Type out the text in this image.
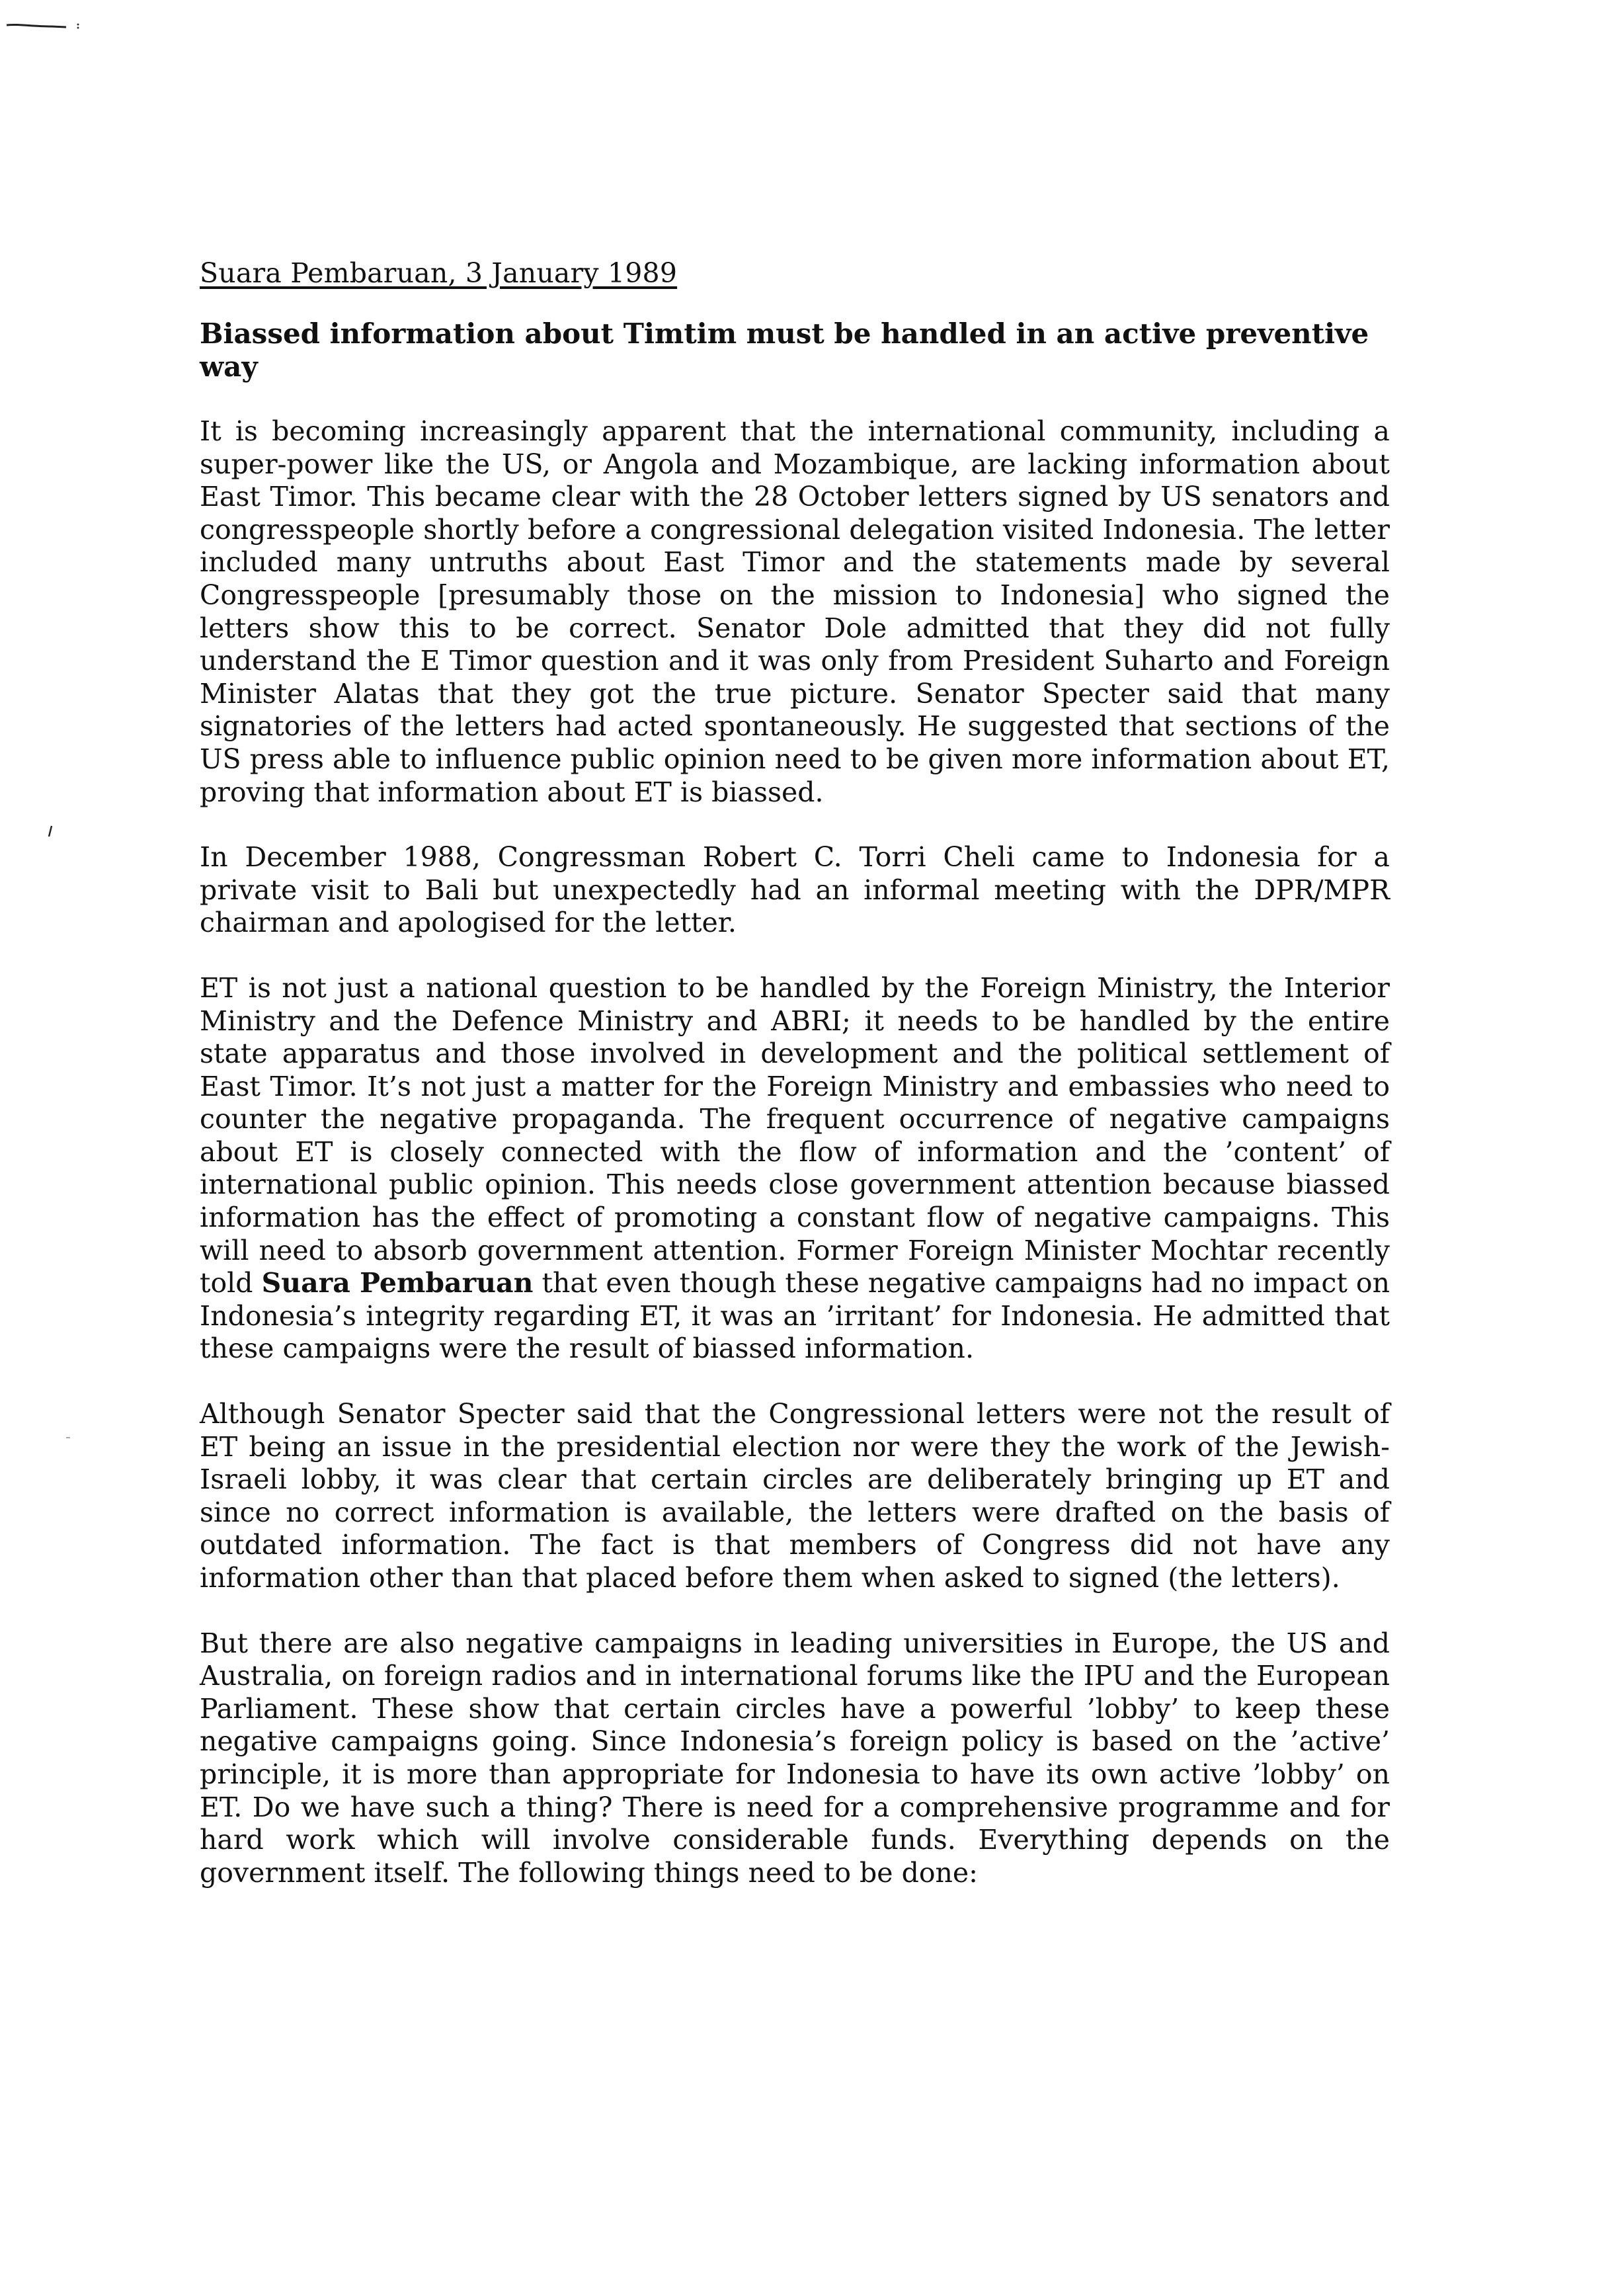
Suara Pembaruan, 3 January 1989
Biassed information about Timtim must be handled in an active preventive way

It is becoming increasingly apparent that the international community, including a super-power like the US, or Angola and Mozambique, are lacking information about East Timor. This became clear with the 28 October letters signed by US senators and congresspeople shortly before a congressional delegation visited Indonesia. The letter included many untruths about East Timor and the statements made by several Congresspeople [presumably those on the mission to Indonesia] who signed the letters show this to be correct. Senator Dole admitted that they did not fully understand the E Timor question and it was only from President Suharto and Foreign Minister Alatas that they got the true picture. Senator Specter said that many signatories of the letters had acted spontaneously. He suggested that sections of the US press able to influence public opinion need to be given more information about ET, proving that information about ET is biassed.

In December 1988, Congressman Robert C. Torri Cheli came to Indonesia for a private visit to Bali but unexpectedly had an informal meeting with the DPR/MPR chairman and apologised for the letter.

ET is not just a national question to be handled by the Foreign Ministry, the Interior Ministry and the Defence Ministry and ABRI; it needs to be handled by the entire state apparatus and those involved in development and the political settlement of East Timor. It’s not just a matter for the Foreign Ministry and embassies who need to counter the negative propaganda. The frequent occurrence of negative campaigns about ET is closely connected with the flow of information and the ’content’ of international public opinion. This needs close government attention because biassed information has the effect of promoting a constant flow of negative campaigns. This will need to absorb government attention. Former Foreign Minister Mochtar recently told Suara Pembaruan that even though these negative campaigns had no impact on Indonesia’s integrity regarding ET, it was an ’irritant’ for Indonesia. He admitted that these campaigns were the result of biassed information.

Although Senator Specter said that the Congressional letters were not the result of ET being an issue in the presidential election nor were they the work of the Jewish-Israeli lobby, it was clear that certain circles are deliberately bringing up ET and since no correct information is available, the letters were drafted on the basis of outdated information. The fact is that members of Congress did not have any information other than that placed before them when asked to signed (the letters).

But there are also negative campaigns in leading universities in Europe, the US and Australia, on foreign radios and in international forums like the IPU and the European Parliament. These show that certain circles have a powerful ’lobby’ to keep these negative campaigns going. Since Indonesia’s foreign policy is based on the ’active’ principle, it is more than appropriate for Indonesia to have its own active ’lobby’ on ET. Do we have such a thing? There is need for a comprehensive programme and for hard work which will involve considerable funds. Everything depends on the government itself. The following things need to be done:
